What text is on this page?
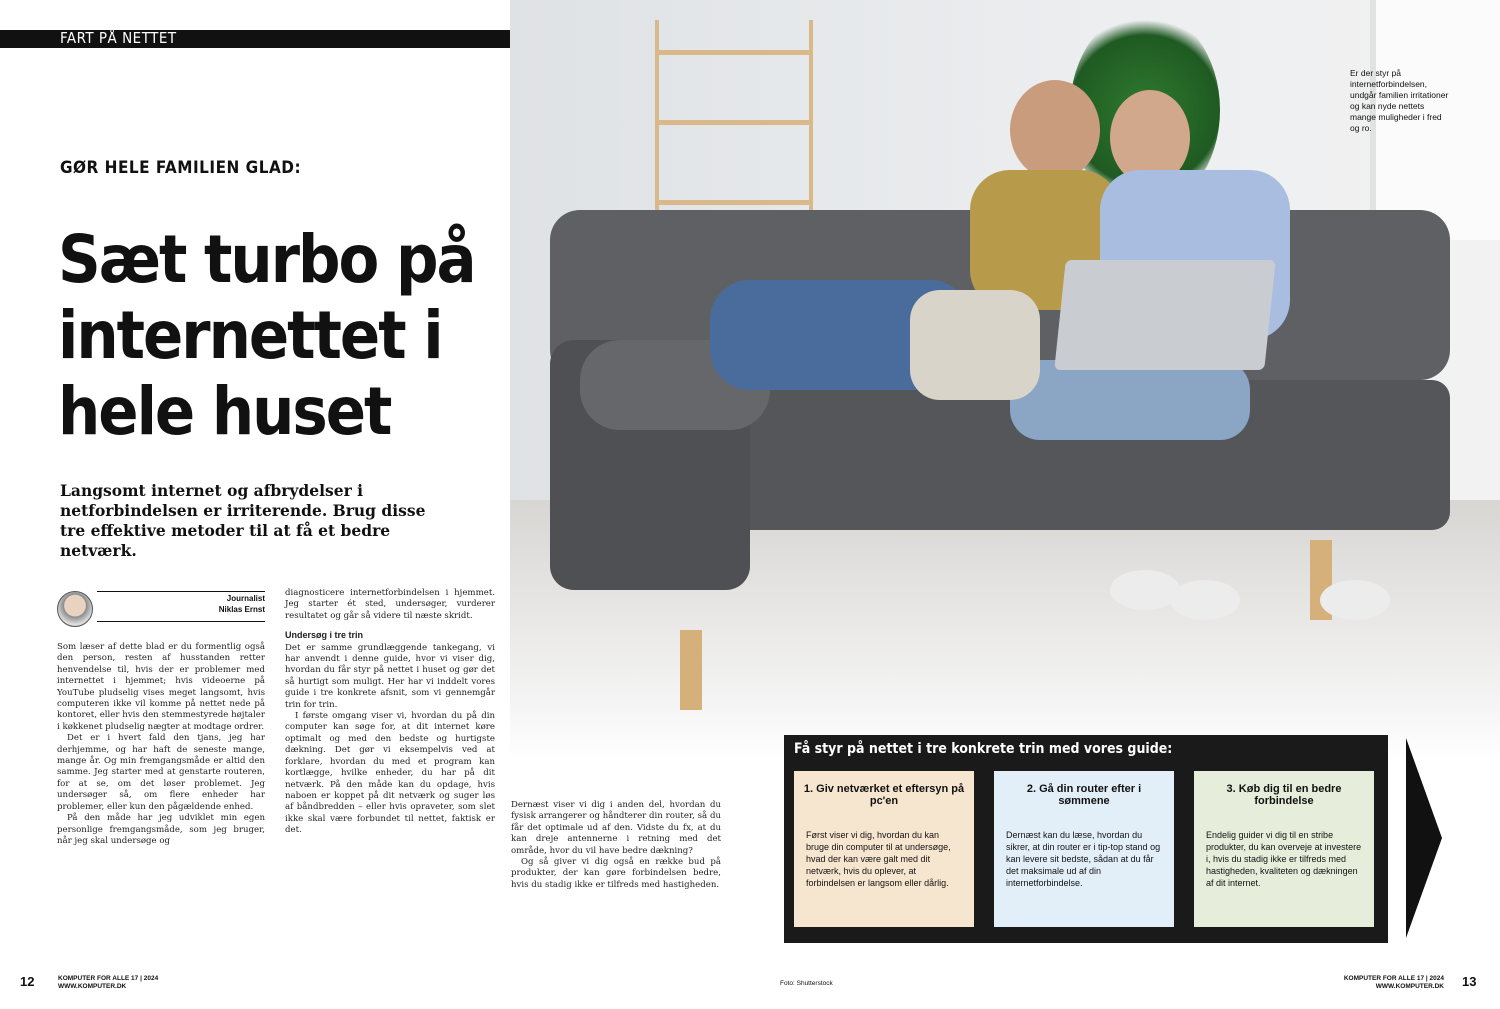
FART PÅ NETTET
Er der styr på internetforbindelsen, undgår familien irritationer og kan nyde nettets mange muligheder i fred og ro.
GØR HELE FAMILIEN GLAD:
Sæt turbo på internettet i hele huset
Langsomt internet og afbrydelser i netforbindelsen er irriterende. Brug disse tre effektive metoder til at få et bedre netværk.
Journalist
Niklas Ernst

Som læser af dette blad er du formentlig også den person, resten af husstanden retter henvendelse til, hvis der er problemer med internettet i hjemmet; hvis videoerne på YouTube pludselig vises meget langsomt, hvis computeren ikke vil komme på nettet nede på kontoret, eller hvis den stemmestyrede højtaler i køkkenet pludselig nægter at modtage ordrer.

Det er i hvert fald den tjans, jeg har derhjemme, og har haft de seneste mange, mange år. Og min fremgangsmåde er altid den samme. Jeg starter med at genstarte routeren, for at se, om det løser problemet. Jeg undersøger så, om flere enheder har problemer, eller kun den pågældende enhed.

På den måde har jeg udviklet min egen personlige fremgangsmåde, som jeg bruger, når jeg skal undersøge og

diagnosticere internetforbindelsen i hjemmet. Jeg starter ét sted, undersøger, vurderer resultatet og går så videre til næste skridt.

Undersøg i tre trin

Det er samme grundlæggende tankegang, vi har anvendt i denne guide, hvor vi viser dig, hvordan du får styr på nettet i huset og gør det så hurtigt som muligt. Her har vi inddelt vores guide i tre konkrete afsnit, som vi gennemgår trin for trin.

I første omgang viser vi, hvordan du på din computer kan søge for, at dit internet køre optimalt og med den bedste og hurtigste dækning. Det gør vi eksempelvis ved at forklare, hvordan du med et program kan kortlægge, hvilke enheder, du har på dit netværk. På den måde kan du opdage, hvis naboen er koppet på dit netværk og suger løs af båndbredden – eller hvis opraveter, som slet ikke skal være forbundet til nettet, faktisk er det.

Dernæst viser vi dig i anden del, hvordan du fysisk arrangerer og håndterer din router, så du får det optimale ud af den. Vidste du fx, at du kan dreje antennerne i retning med det område, hvor du vil have bedre dækning?

Og så giver vi dig også en række bud på produkter, der kan gøre forbindelsen bedre, hvis du stadig ikke er tilfreds med hastigheden.

Få styr på nettet i tre konkrete trin med vores guide:
1. Giv netværket et eftersyn på pc'en
Først viser vi dig, hvordan du kan bruge din computer til at undersøge, hvad der kan være galt med dit netværk, hvis du oplever, at forbindelsen er langsom eller dårlig.
2. Gå din router efter i sømmene
Dernæst kan du læse, hvordan du sikrer, at din router er i tip-top stand og kan levere sit bedste, sådan at du får det maksimale ud af din internetforbindelse.
3. Køb dig til en bedre forbindelse
Endelig guider vi dig til en stribe produkter, du kan overveje at investere i, hvis du stadig ikke er tilfreds med hastigheden, kvaliteten og dækningen af dit internet.
12	KOMPUTER FOR ALLE 17 | 2024
WWW.KOMPUTER.DK	Foto: Shutterstock
KOMPUTER FOR ALLE 17 | 2024
WWW.KOMPUTER.DK 13
